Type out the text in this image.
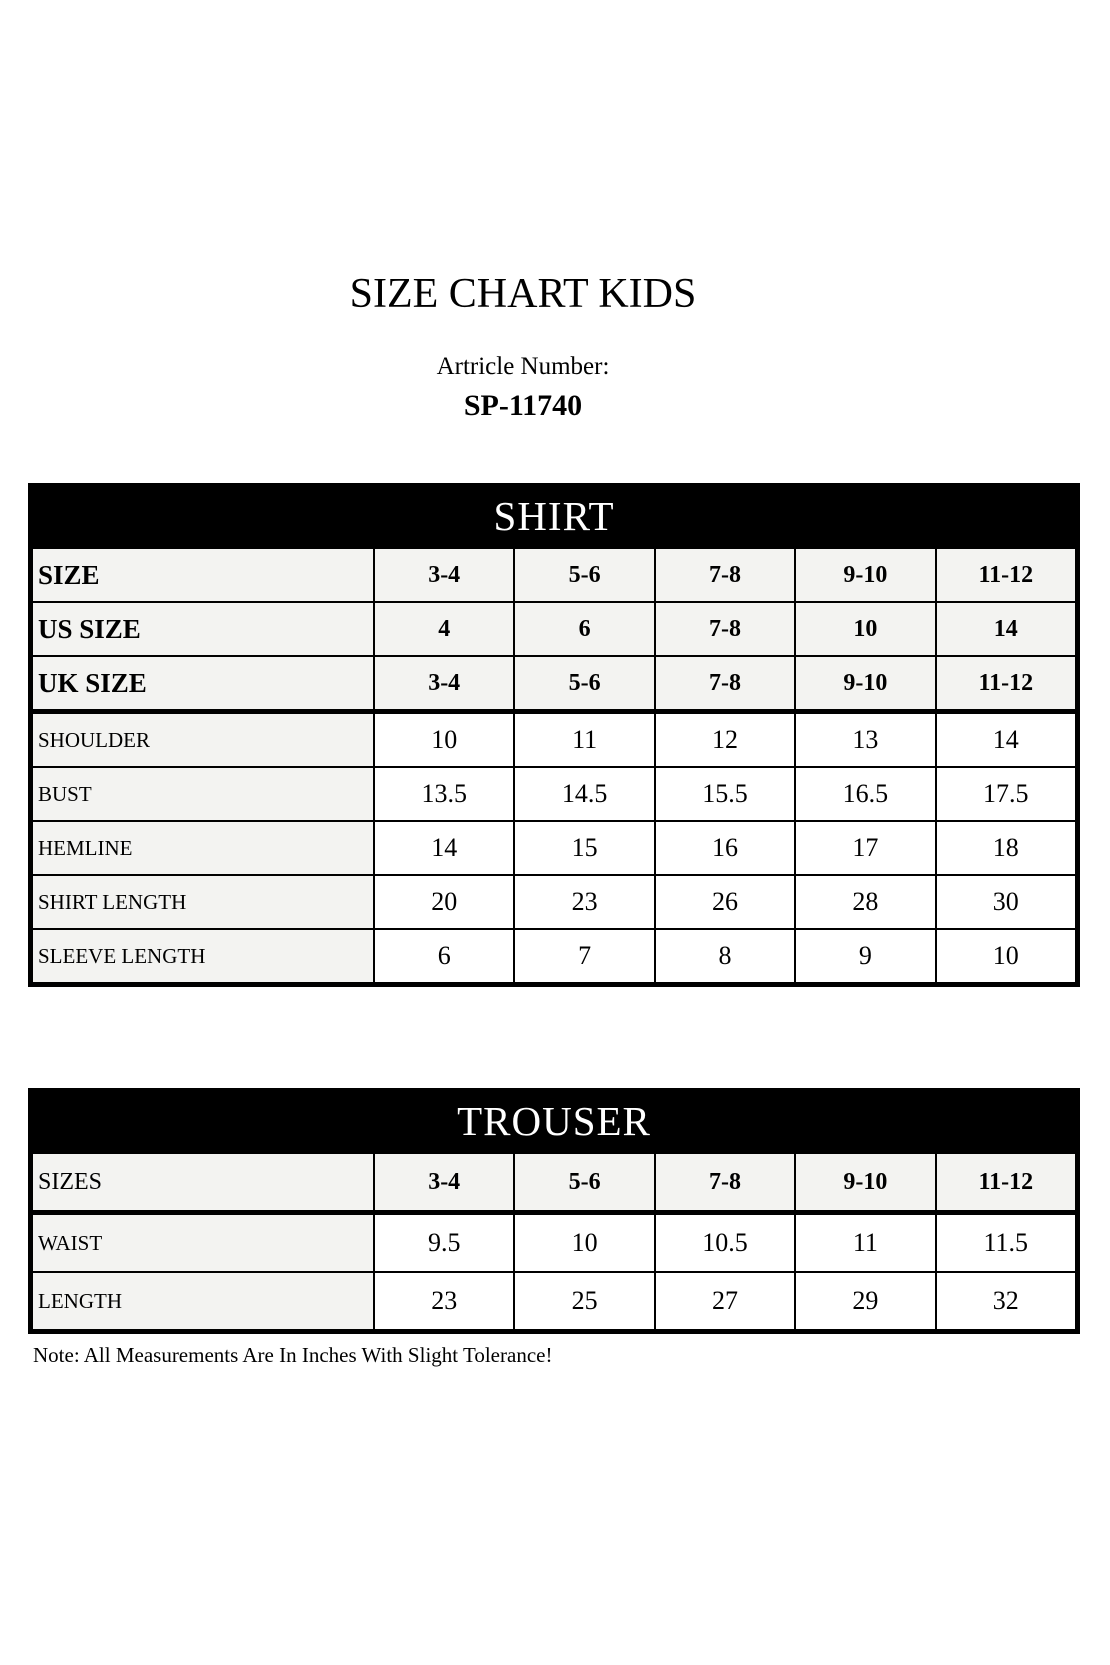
SIZE CHART KIDS
Artricle Number:
SP-11740
SHIRT
SIZE	3-4	5-6	7-8	9-10	11-12
US SIZE	4	6	7-8	10	14
UK SIZE	3-4	5-6	7-8	9-10	11-12
SHOULDER	10	11	12	13	14
BUST	13.5	14.5	15.5	16.5	17.5
HEMLINE	14	15	16	17	18
SHIRT LENGTH	20	23	26	28	30
SLEEVE LENGTH	6	7	8	9	10
TROUSER
SIZES	3-4	5-6	7-8	9-10	11-12
WAIST	9.5	10	10.5	11	11.5
LENGTH	23	25	27	29	32
Note: All Measurements Are In Inches With Slight Tolerance!
